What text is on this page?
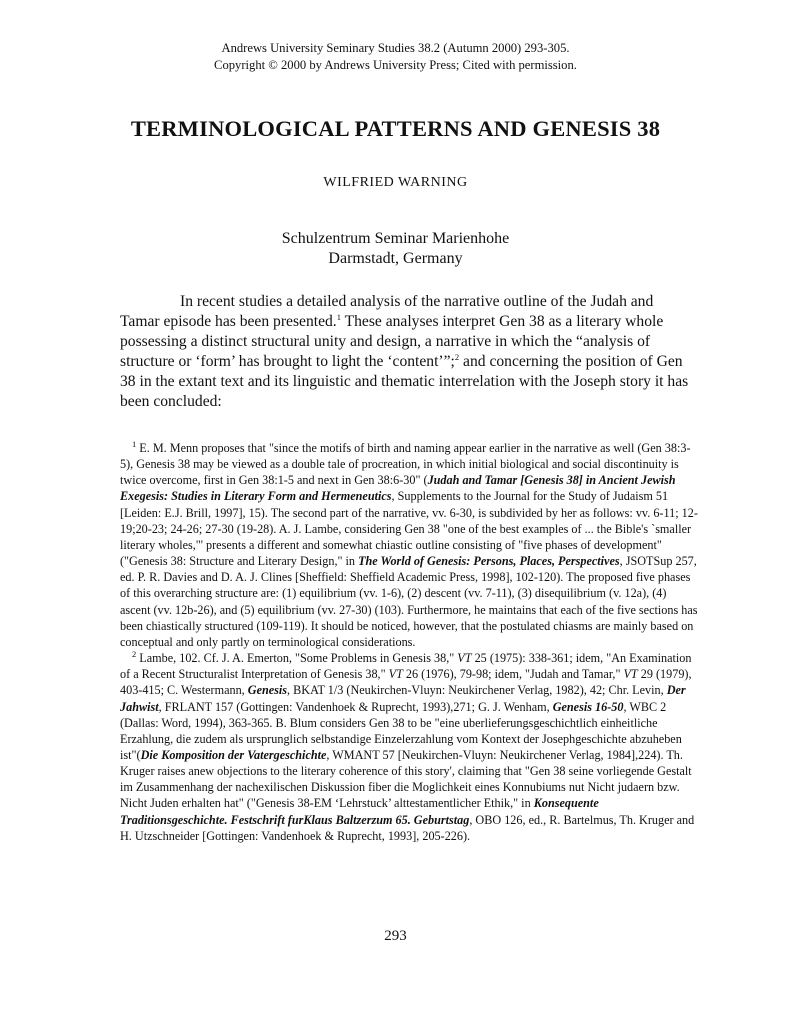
Andrews University Seminary Studies 38.2 (Autumn 2000) 293-305.
Copyright © 2000 by Andrews University Press; Cited with permission.
TERMINOLOGICAL PATTERNS AND GENESIS 38
WILFRIED WARNING
Schulzentrum Seminar Marienhohe
Darmstadt, Germany

In recent studies a detailed analysis of the narrative outline of the Judah and Tamar episode has been presented.$^1$ These analyses interpret Gen 38 as a literary whole possessing a distinct structural unity and design, a narrative in which the “analysis of structure or ‘form’ has brought to light the ‘content’”;$^2$ and concerning the position of Gen 38 in the extant text and its linguistic and thematic interrelation with the Joseph story it has been concluded:

$^1$ E. M. Menn proposes that "since the motifs of birth and naming appear earlier in the narrative as well (Gen 38:3-5), Genesis 38 may be viewed as a double tale of procreation, in which initial biological and social discontinuity is twice overcome, first in Gen 38:1-5 and next in Gen 38:6-30" (Judah and Tamar [Genesis 38] in Ancient Jewish Exegesis: Studies in Literary Form and Hermeneutics, Supplements to the Journal for the Study of Judaism 51 [Leiden: E.J. Brill, 1997], 15). The second part of the narrative, vv. 6-30, is subdivided by her as follows: vv. 6-11; 12-19;20-23; 24-26; 27-30 (19-28). A. J. Lambe, considering Gen 38 "one of the best examples of ... the Bible's `smaller literary wholes,"' presents a different and somewhat chiastic outline consisting of "five phases of development" ("Genesis 38: Structure and Literary Design," in The World of Genesis: Persons, Places, Perspectives, JSOTSup 257, ed. P. R. Davies and D. A. J. Clines [Sheffield: Sheffield Academic Press, 1998], 102-120). The proposed five phases of this overarching structure are: (1) equilibrium (vv. 1-6), (2) descent (vv. 7-11), (3) disequilibrium (v. 12a), (4) ascent (vv. 12b-26), and (5) equilibrium (vv. 27-30) (103). Furthermore, he maintains that each of the five sections has been chiastically structured (109-119). It should be noticed, however, that the postulated chiasms are mainly based on conceptual and only partly on terminological considerations.

$^2$ Lambe, 102. Cf. J. A. Emerton, "Some Problems in Genesis 38," VT 25 (1975): 338-361; idem, "An Examination of a Recent Structuralist Interpretation of Genesis 38," VT 26 (1976), 79-98; idem, "Judah and Tamar," VT 29 (1979), 403-415; C. Westermann, Genesis, BKAT 1/3 (Neukirchen-Vluyn: Neukirchener Verlag, 1982), 42; Chr. Levin, Der Jahwist, FRLANT 157 (Gottingen: Vandenhoek & Ruprecht, 1993),271; G. J. Wenham, Genesis 16-50, WBC 2 (Dallas: Word, 1994), 363-365. B. Blum considers Gen 38 to be "eine uberlieferungsgeschichtlich einheitliche Erzahlung, die zudem als ursprunglich selbstandige Einzelerzahlung vom Kontext der Josephgeschichte abzuheben ist"(Die Komposition der Vatergeschichte, WMANT 57 [Neukirchen-Vluyn: Neukirchener Verlag, 1984],224). Th. Kruger raises anew objections to the literary coherence of this story', claiming that "Gen 38 seine vorliegende Gestalt im Zusammenhang der nachexilischen Diskussion fiber die Moglichkeit eines Konnubiums nut Nicht judaern bzw. Nicht Juden erhalten hat" ("Genesis 38-EM ‘Lehrstuck’ alttestamentlicher Ethik," in Konsequente Traditionsgeschichte. Festschrift furKlaus Baltzerzum 65. Geburtstag, OBO 126, ed., R. Bartelmus, Th. Kruger and H. Utzschneider [Gottingen: Vandenhoek & Ruprecht, 1993], 205-226).

293
